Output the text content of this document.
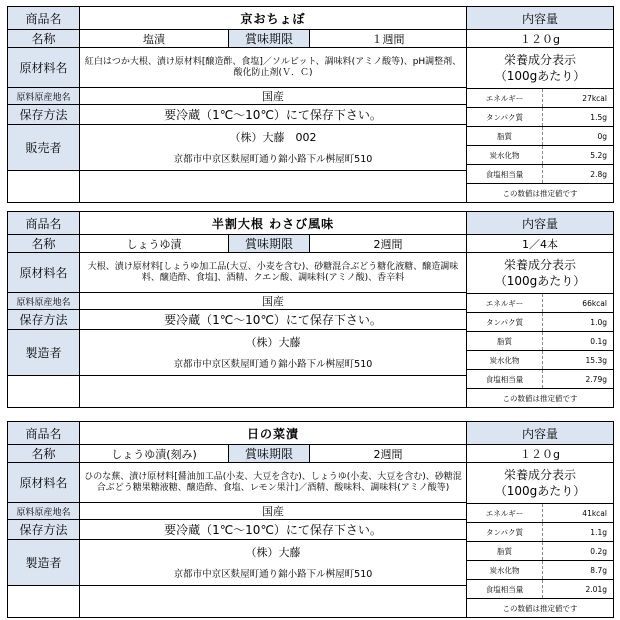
商品名	京おちょぼ	内容量
名称	塩漬	賞味期限	１週間	１２０g
原材料名	紅白はつか大根、漬け原材料[醸造酢、食塩]／ソルビット、調味料(アミノ酸等)、pH調整剤、酸化防止剤(Ｖ．Ｃ)
原料原産地名	国産
保存方法	要冷蔵（1℃～10℃）にて保存下さい。
販売者
（株）大藤　002
京都市中京区麩屋町通り錦小路下ル桝屋町510
栄養成分表示
（100gあたり）
エネルギー	27kcal
タンパク質	1.5g
脂質	0g
炭水化物	5.2g
食塩相当量	2.8g
この数値は推定値です
商品名	半割大根 わさび風味	内容量
名称	しょうゆ漬	賞味期限	2週間	1／4本
原材料名	大根、漬け原材料[しょうゆ加工品(大豆、小麦を含む)、砂糖混合ぶどう糖化液糖、醸造調味料、醸造酢、食塩]、酒精、クエン酸、調味料(アミノ酸)、香辛料
原料原産地名	国産
保存方法	要冷蔵（1℃～10℃）にて保存下さい。
製造者
（株）大藤
京都市中京区麩屋町通り錦小路下ル桝屋町510
栄養成分表示
（100gあたり）
エネルギー	66kcal
タンパク質	1.0g
脂質	0.1g
炭水化物	15.3g
食塩相当量	2.79g
この数値は推定値です
商品名	日の菜漬	内容量
名称	しょうゆ漬(刻み)	賞味期限	2週間	１２０g
原材料名	ひのな蕪、漬け原材料[醤油加工品(小麦、大豆を含む)、しょうゆ(小麦、大豆を含む)、砂糖混合ぶどう糖果糖液糖、醸造酢、食塩、レモン果汁]／酒精、酸味料、調味料(アミノ酸等)
原料原産地名	国産
保存方法	要冷蔵（1℃～10℃）にて保存下さい。
製造者
（株）大藤
京都市中京区麩屋町通り錦小路下ル桝屋町510
栄養成分表示
（100gあたり）
エネルギー	41kcal
タンパク質	1.1g
脂質	0.2g
炭水化物	8.7g
食塩相当量	2.01g
この数値は推定値です
